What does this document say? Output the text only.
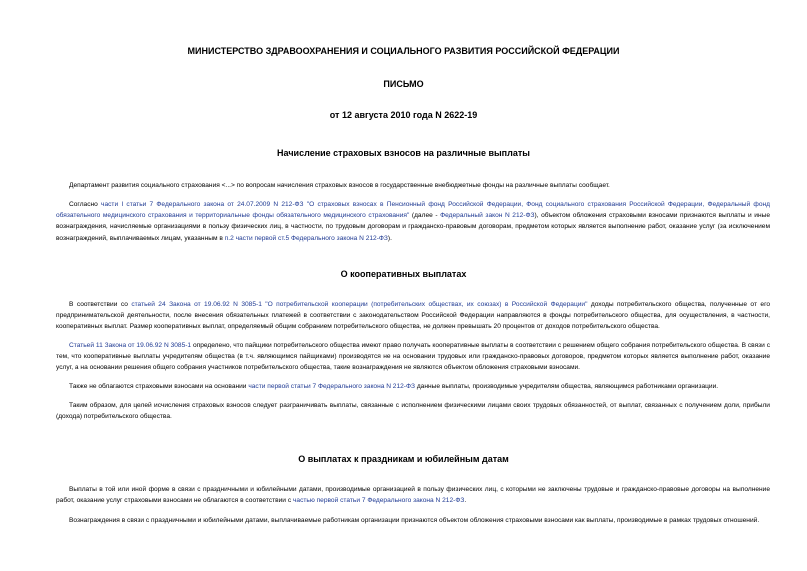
МИНИСТЕРСТВО ЗДРАВООХРАНЕНИЯ И СОЦИАЛЬНОГО РАЗВИТИЯ РОССИЙСКОЙ ФЕДЕРАЦИИ
ПИСЬМО
от 12 августа 2010 года N 2622-19
Начисление страховых взносов на различные выплаты
Департамент развития социального страхования <...> по вопросам начисления страховых взносов в государственные внебюджетные фонды на различные выплаты сообщает.
Согласно части I статьи 7 Федерального закона от 24.07.2009 N 212-ФЗ "О страховых взносах в Пенсионный фонд Российской Федерации, Фонд социального страхования Российской Федерации, Федеральный фонд обязательного медицинского страхования и территориальные фонды обязательного медицинского страхования" (далее - Федеральный закон N 212-ФЗ), объектом обложения страховыми взносами признаются выплаты и иные вознаграждения, начисляемые организациями в пользу физических лиц, в частности, по трудовым договорам и гражданско-правовым договорам, предметом которых является выполнение работ, оказание услуг (за исключением вознаграждений, выплачиваемых лицам, указанным в п.2 части первой ст.5 Федерального закона N 212-ФЗ).
О кооперативных выплатах
В соответствии со статьей 24 Закона от 19.06.92 N 3085-1 "О потребительской кооперации (потребительских обществах, их союзах) в Российской Федерации" доходы потребительского общества, полученные от его предпринимательской деятельности, после внесения обязательных платежей в соответствии с законодательством Российской Федерации направляются в фонды потребительского общества, для осуществления, в частности, кооперативных выплат. Размер кооперативных выплат, определяемый общим собранием потребительского общества, не должен превышать 20 процентов от доходов потребительского общества.
Статьей 11 Закона от 19.06.92 N 3085-1 определено, что пайщики потребительского общества имеют право получать кооперативные выплаты в соответствии с решением общего собрания потребительского общества. В связи с тем, что кооперативные выплаты учредителям общества (в т.ч. являющимся пайщиками) производятся не на основании трудовых или гражданско-правовых договоров, предметом которых является выполнение работ, оказание услуг, а на основании решения общего собрания участников потребительского общества, такие вознаграждения не являются объектом обложения страховыми взносами.
Также не облагаются страховыми взносами на основании части первой статьи 7 Федерального закона N 212-ФЗ данные выплаты, производимые учредителям общества, являющимся работниками организации.
Таким образом, для целей исчисления страховых взносов следует разграничивать выплаты, связанные с исполнением физическими лицами своих трудовых обязанностей, от выплат, связанных с получением доли, прибыли (дохода) потребительского общества.
О выплатах к праздникам и юбилейным датам
Выплаты в той или иной форме в связи с праздничными и юбилейными датами, производимые организацией в пользу физических лиц, с которыми не заключены трудовые и гражданско-правовые договоры на выполнение работ, оказание услуг страховыми взносами не облагаются в соответствии с частью первой статьи 7 Федерального закона N 212-ФЗ.
Вознаграждения в связи с праздничными и юбилейными датами, выплачиваемые работникам организации признаются объектом обложения страховыми взносами как выплаты, производимые в рамках трудовых отношений.
